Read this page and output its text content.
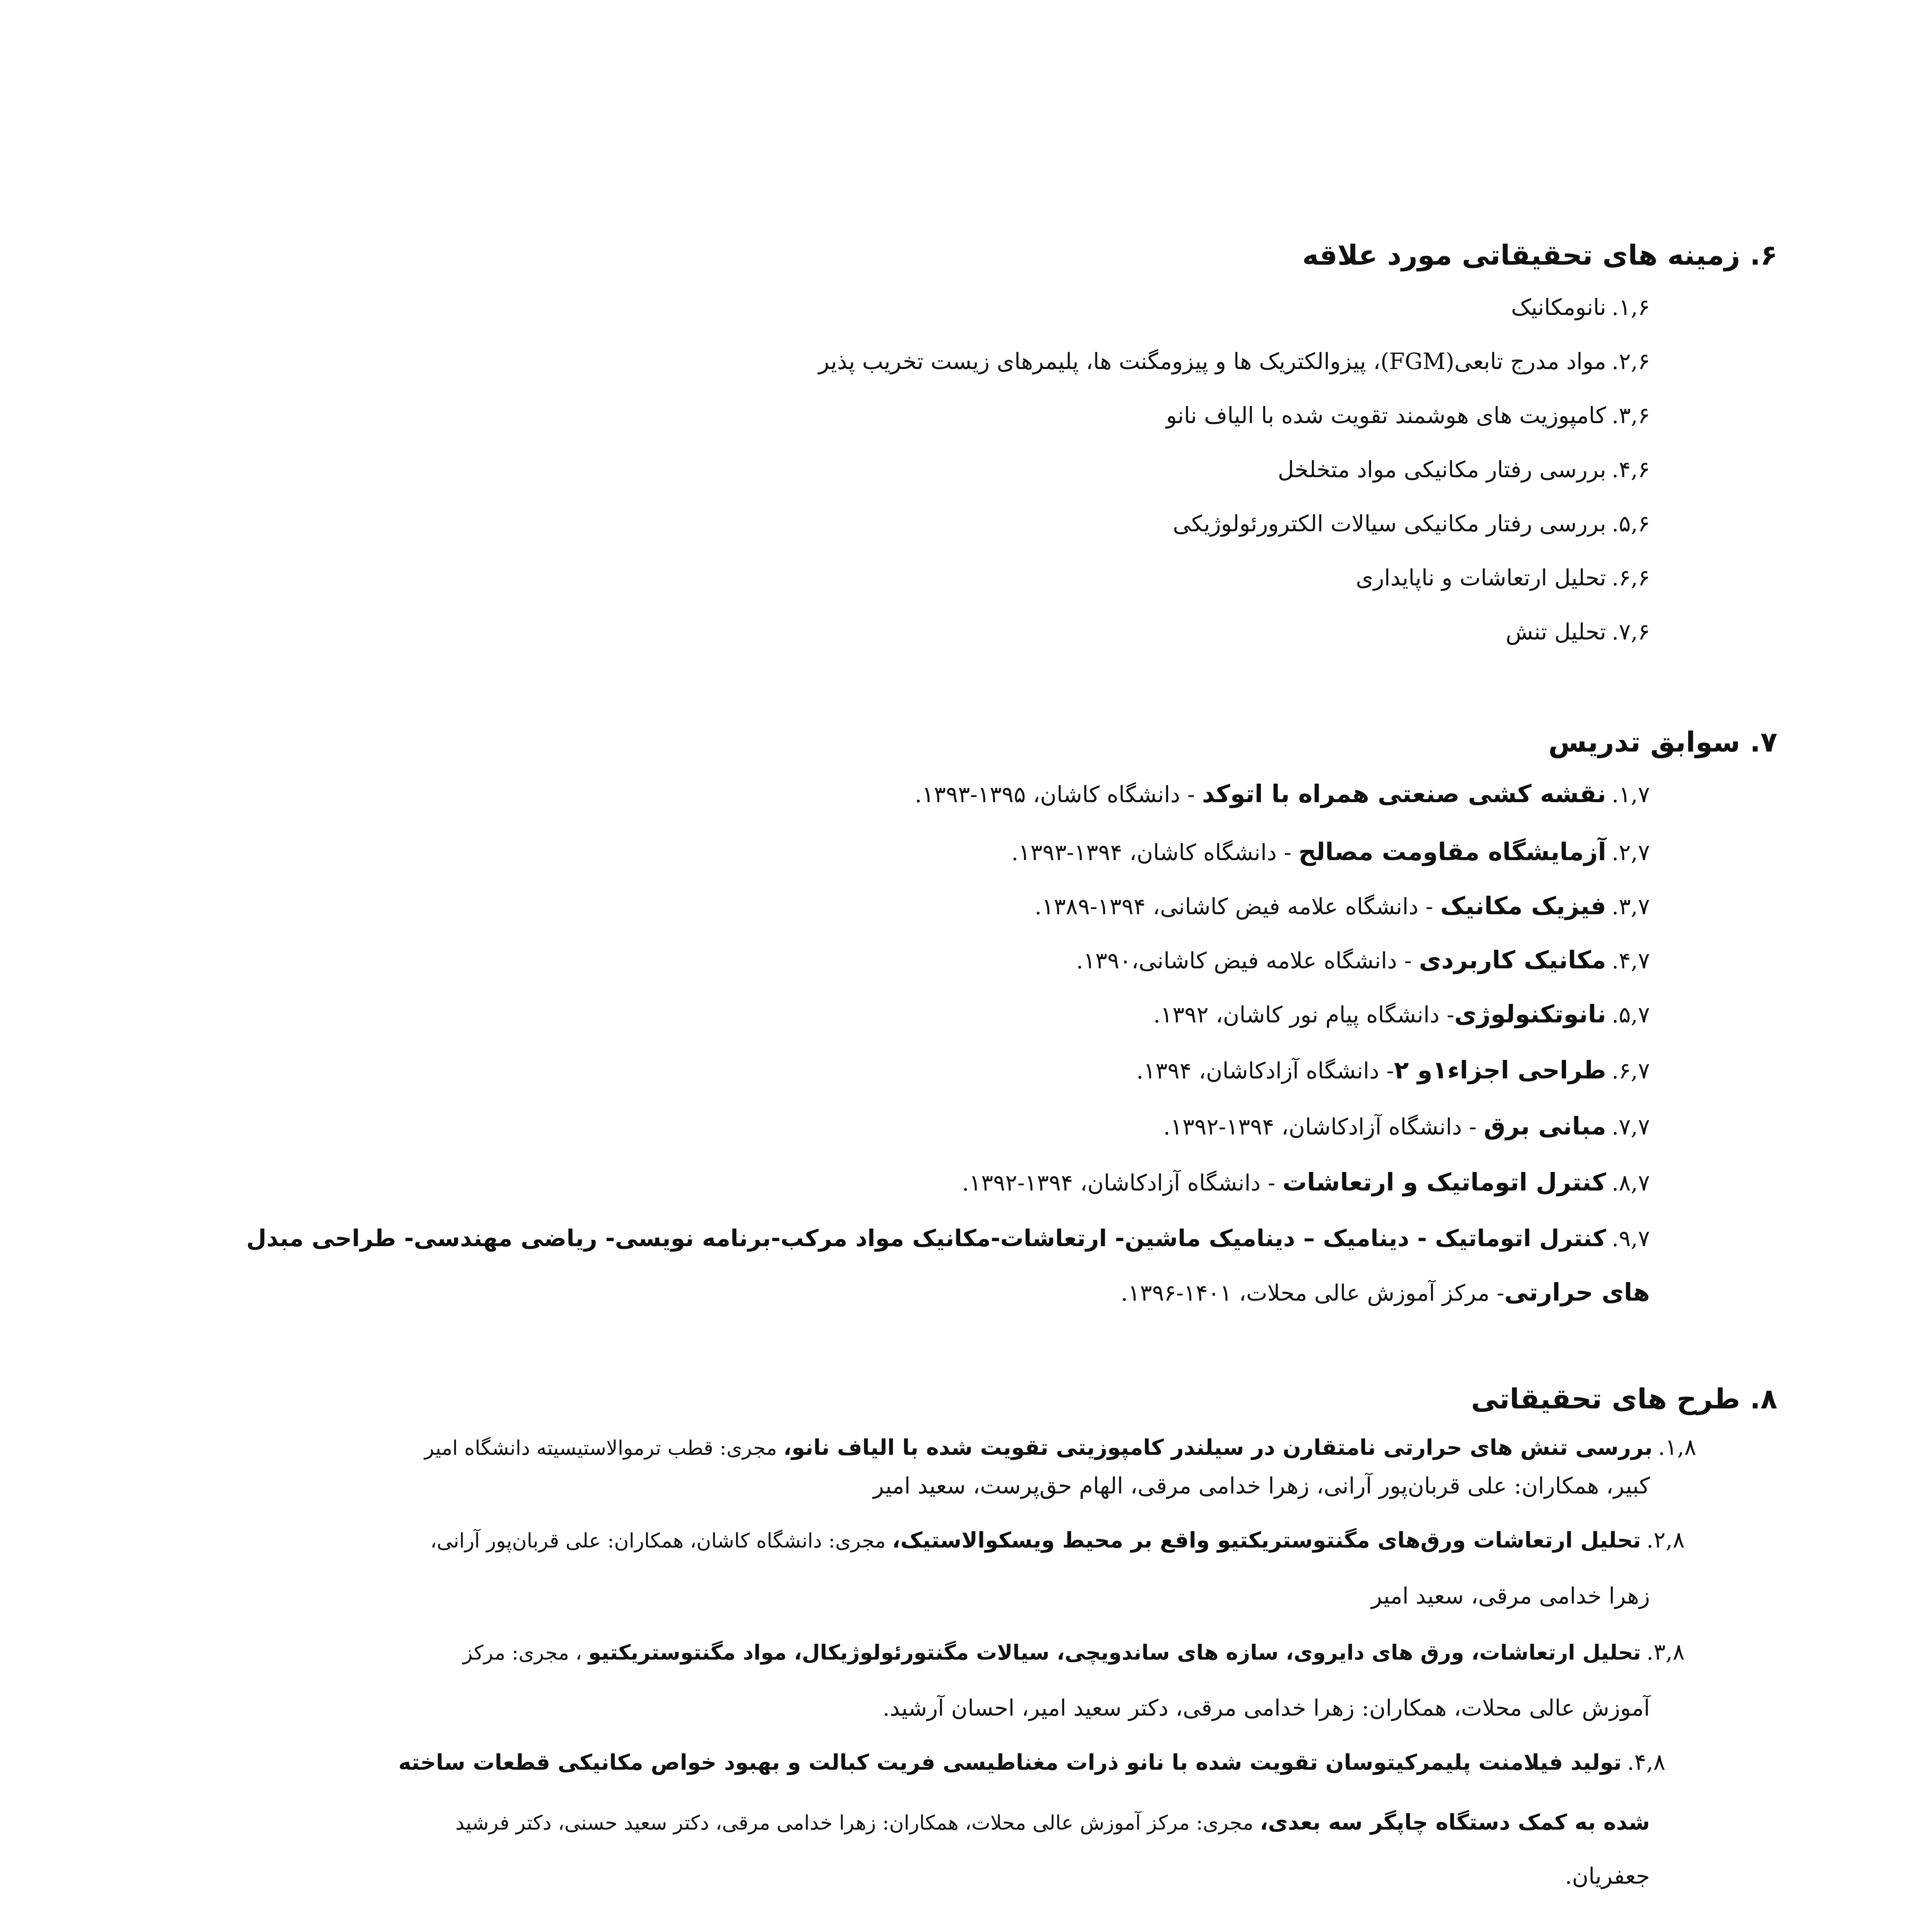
۶. زمینه های تحقیقاتی مورد علاقه

۱,۶.نانومکانیک

۲,۶.مواد مدرج تابعی(FGM)، پیزوالکتریک ها و پیزومگنت ها، پلیمرهای زیست تخریب پذیر

۳,۶.کامپوزیت های هوشمند تقویت شده با الیاف نانو

۴,۶.بررسی رفتار مکانیکی مواد متخلخل

۵,۶.بررسی رفتار مکانیکی سیالات الکترورئولوژیکی

۶,۶.تحلیل ارتعاشات و ناپایداری

۷,۶.تحلیل تنش

۷. سوابق تدریس

۱,۷.نقشه کشی صنعتی همراه با اتوکد - دانشگاه کاشان، ۱۳۹۵-۱۳۹۳.

۲,۷.آزمایشگاه مقاومت مصالح - دانشگاه کاشان، ۱۳۹۴-۱۳۹۳.

۳,۷.فیزیک مکانیک - دانشگاه علامه فیض کاشانی، ۱۳۹۴-۱۳۸۹.

۴,۷.مکانیک کاربردی - دانشگاه علامه فیض کاشانی،۱۳۹۰.

۵,۷.نانوتکنولوژی- دانشگاه پیام نور کاشان، ۱۳۹۲.

۶,۷.طراحی اجزاء۱و ۲- دانشگاه آزادکاشان، ۱۳۹۴.

۷,۷.مبانی برق - دانشگاه آزادکاشان، ۱۳۹۴-۱۳۹۲.

۸,۷.کنترل اتوماتیک و ارتعاشات - دانشگاه آزادکاشان، ۱۳۹۴-۱۳۹۲.

۹,۷.کنترل اتوماتیک - دینامیک – دینامیک ماشین- ارتعاشات-مکانیک مواد مرکب-برنامه نویسی- ریاضی مهندسی- طراحی مبدل

های حرارتی- مرکز آموزش عالی محلات، ۱۴۰۱-۱۳۹۶.

۸. طرح های تحقیقاتی

۱,۸.بررسی تنش های حرارتی نامتقارن در سیلندر کامپوزیتی تقویت شده با الیاف نانو، مجری: قطب ترموالاستیسیته دانشگاه امیر

کبیر، همکاران: علی قربان‌پور آرانی، زهرا خدامی مرقی، الهام حق‌پرست، سعید امیر

۲,۸.تحلیل ارتعاشات ورق‌های مگنتوستریکتیو واقع بر محیط ویسکوالاستیک، مجری: دانشگاه کاشان، همکاران: علی قربان‌پور آرانی،

زهرا خدامی مرقی، سعید امیر

۳,۸.تحلیل ارتعاشات، ورق های دایروی، سازه های ساندویچی، سیالات مگنتورئولوژیکال، مواد مگنتوستریکتیو ، مجری: مرکز

آموزش عالی محلات، همکاران: زهرا خدامی مرقی، دکتر سعید امیر، احسان آرشید.

۴,۸.تولید فیلامنت پلیمرکیتوسان تقویت شده با نانو ذرات مغناطیسی فریت کبالت و بهبود خواص مکانیکی قطعات ساخته

شده به کمک دستگاه چاپگر سه بعدی، مجری: مرکز آموزش عالی محلات، همکاران: زهرا خدامی مرقی، دکتر سعید حسنی، دکتر فرشید

جعفریان.
